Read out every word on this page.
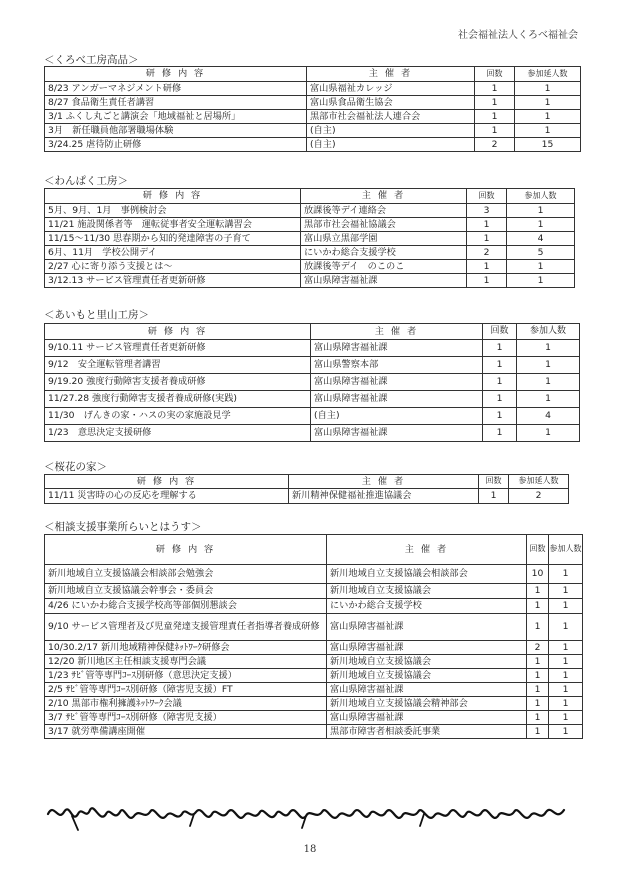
社会福祉法人くろべ福祉会
＜くろべ工房高品＞
研 修 内 容	主 催 者	回数	参加延人数
8/23 アンガーマネジメント研修	富山県福祉カレッジ	1	1
8/27 食品衛生責任者講習	富山県食品衛生協会	1	1
3/1 ふくし丸ごと講演会「地域福祉と居場所」	黒部市社会福祉法人連合会	1	1
3月　新任職員他部署職場体験	(自主)	1	1
3/24.25 虐待防止研修	(自主)	2	15
＜わんぱく工房＞
研 修 内 容	主 催 者	回数	参加人数
5月、9月、1月　事例検討会	放課後等デイ連絡会	3	1
11/21 施設関係者等　運転従事者安全運転講習会	黒部市社会福祉協議会	1	1
11/15～11/30 思春期から知的発達障害の子育て	富山県立黒部学園	1	4
6月、11月　学校公開デイ	にいかわ総合支援学校	2	5
2/27 心に寄り添う支援とは～	放課後等デイ　のこのこ	1	1
3/12.13 サービス管理責任者更新研修	富山県障害福祉課	1	1
＜あいもと里山工房＞
研 修 内 容	主 催 者	回数	参加人数
9/10.11 サービス管理責任者更新研修	富山県障害福祉課	1	1
9/12　安全運転管理者講習	富山県警察本部	1	1
9/19.20 強度行動障害支援者養成研修	富山県障害福祉課	1	1
11/27.28 強度行動障害支援者養成研修(実践)	富山県障害福祉課	1	1
11/30　げんきの家・ハスの実の家施設見学	(自主)	1	4
1/23　意思決定支援研修	富山県障害福祉課	1	1
＜桜花の家＞
研 修 内 容	主 催 者	回数	参加延人数
11/11 災害時の心の反応を理解する	新川精神保健福祉推進協議会	1	2
＜相談支援事業所らいとはうす＞
研 修 内 容	主 催 者	回数	参加人数
新川地域自立支援協議会相談部会勉強会	新川地域自立支援協議会相談部会	10	1
新川地域自立支援協議会幹事会・委員会	新川地域自立支援協議会	1	1
4/26 にいかわ総合支援学校高等部個別懇談会	にいかわ総合支援学校	1	1
9/10 サービス管理者及び児童発達支援管理責任者指導者養成研修	富山県障害福祉課	1	1
10/30.2/17 新川地域精神保健ﾈｯﾄﾜｰｸ研修会	富山県障害福祉課	2	1
12/20 新川地区主任相談支援専門会議	新川地域自立支援協議会	1	1
1/23 ｻﾋﾞ管等専門ｺｰｽ別研修（意思決定支援）	新川地域自立支援協議会	1	1
2/5 ｻﾋﾞ管等専門ｺｰｽ別研修（障害児支援）FT	富山県障害福祉課	1	1
2/10 黒部市権利擁護ﾈｯﾄﾜｰｸ会議	新川地域自立支援協議会精神部会	1	1
3/7 ｻﾋﾞ管等専門ｺｰｽ別研修（障害児支援）	富山県障害福祉課	1	1
3/17 就労準備講座開催	黒部市障害者相談委託事業	1	1
18
